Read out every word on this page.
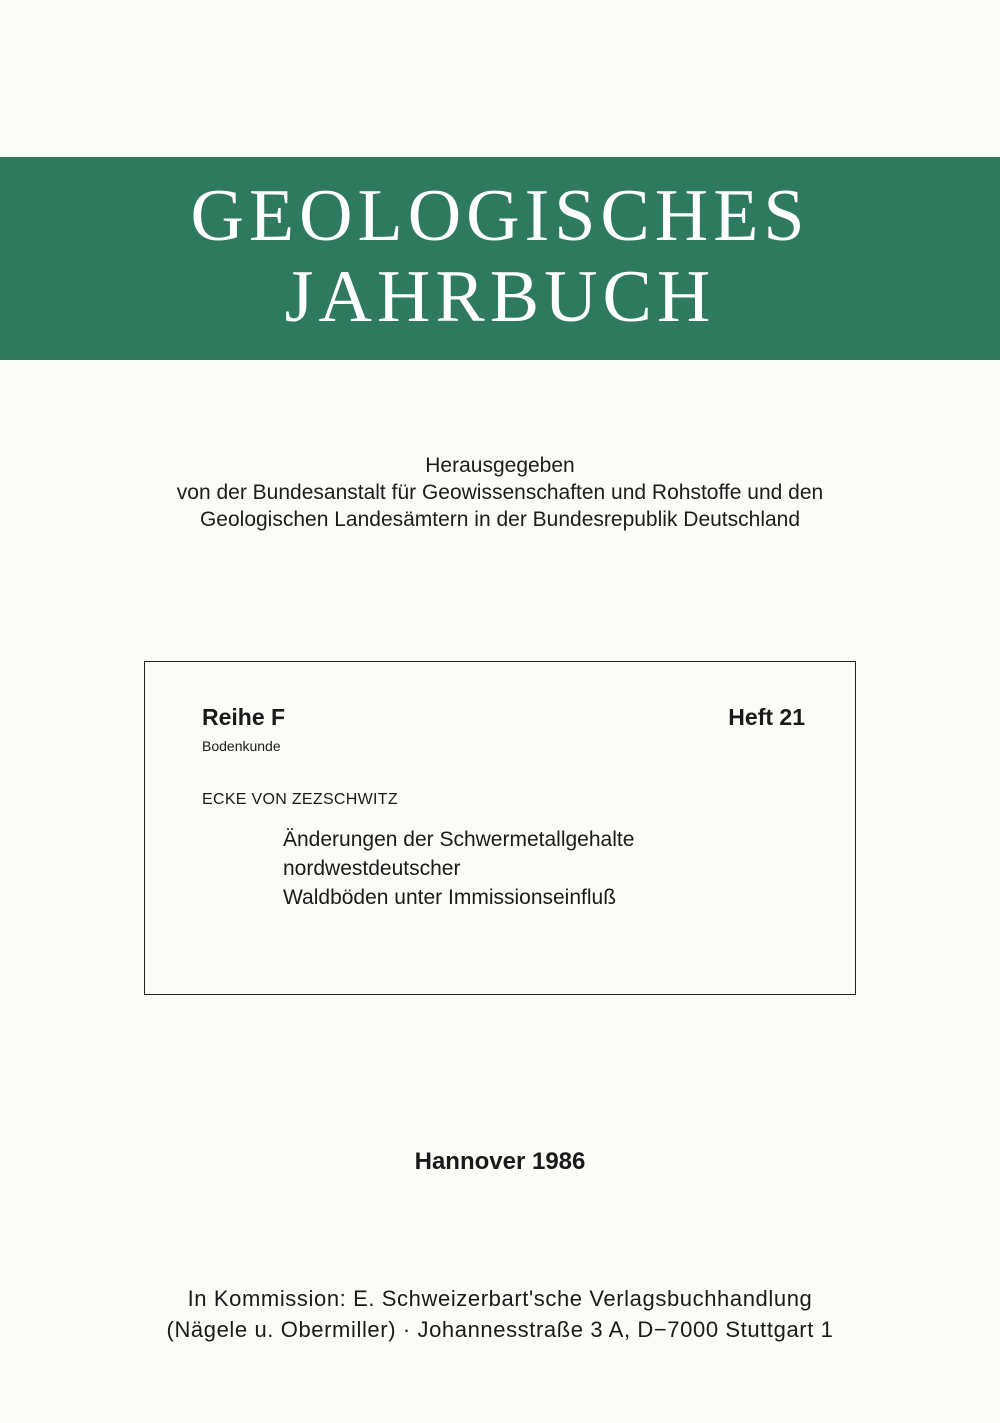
GEOLOGISCHES
JAHRBUCH
Herausgegeben
von der Bundesanstalt für Geowissenschaften und Rohstoffe und den
Geologischen Landesämtern in der Bundesrepublik Deutschland
Reihe F
Bodenkunde
Heft 21
ECKE VON ZEZSCHWITZ
Änderungen der Schwermetallgehalte
nordwestdeutscher
Waldböden unter Immissionseinfluß
Hannover 1986
In Kommission: E. Schweizerbart'sche Verlagsbuchhandlung
(Nägele u. Obermiller) · Johannesstraße 3 A, D−7000 Stuttgart 1
